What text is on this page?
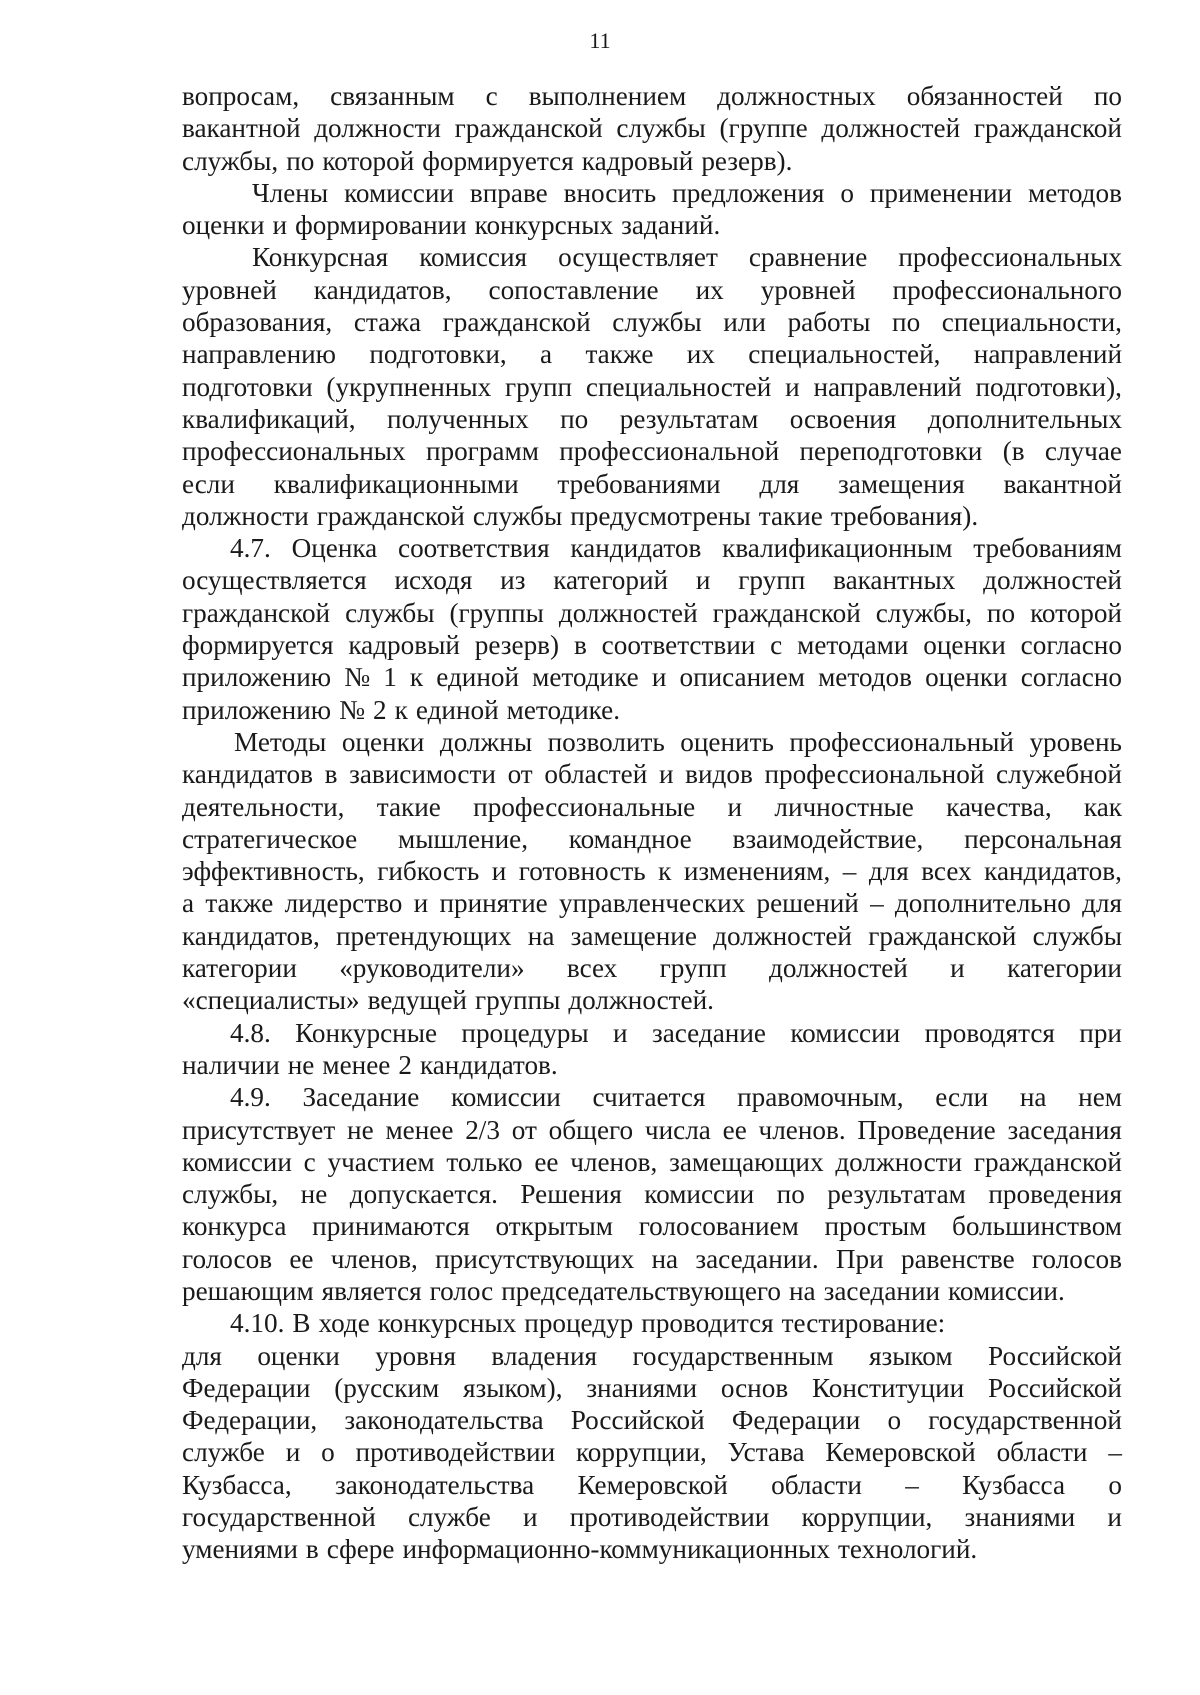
11
вопросам, связанным с выполнением должностных обязанностей по
вакантной должности гражданской службы (группе должностей гражданской
службы, по которой формируется кадровый резерв).
Члены комиссии вправе вносить предложения о применении методов
оценки и формировании конкурсных заданий.
Конкурсная комиссия осуществляет сравнение профессиональных
уровней кандидатов, сопоставление их уровней профессионального
образования, стажа гражданской службы или работы по специальности,
направлению подготовки, а также их специальностей, направлений
подготовки (укрупненных групп специальностей и направлений подготовки),
квалификаций, полученных по результатам освоения дополнительных
профессиональных программ профессиональной переподготовки (в случае
если квалификационными требованиями для замещения вакантной
должности гражданской службы предусмотрены такие требования).
4.7. Оценка соответствия кандидатов квалификационным требованиям
осуществляется исходя из категорий и групп вакантных должностей
гражданской службы (группы должностей гражданской службы, по которой
формируется кадровый резерв) в соответствии с методами оценки согласно
приложению № 1 к единой методике и описанием методов оценки согласно
приложению № 2 к единой методике.
Методы оценки должны позволить оценить профессиональный уровень
кандидатов в зависимости от областей и видов профессиональной служебной
деятельности, такие профессиональные и личностные качества, как
стратегическое мышление, командное взаимодействие, персональная
эффективность, гибкость и готовность к изменениям, – для всех кандидатов,
а также лидерство и принятие управленческих решений – дополнительно для
кандидатов, претендующих на замещение должностей гражданской службы
категории «руководители» всех групп должностей и категории
«специалисты» ведущей группы должностей.
4.8. Конкурсные процедуры и заседание комиссии проводятся при
наличии не менее 2 кандидатов.
4.9. Заседание комиссии считается правомочным, если на нем
присутствует не менее 2/3 от общего числа ее членов. Проведение заседания
комиссии с участием только ее членов, замещающих должности гражданской
службы, не допускается. Решения комиссии по результатам проведения
конкурса принимаются открытым голосованием простым большинством
голосов ее членов, присутствующих на заседании. При равенстве голосов
решающим является голос председательствующего на заседании комиссии.
4.10. В ходе конкурсных процедур проводится тестирование:
для оценки уровня владения государственным языком Российской
Федерации (русским языком), знаниями основ Конституции Российской
Федерации, законодательства Российской Федерации о государственной
службе и о противодействии коррупции, Устава Кемеровской области –
Кузбасса, законодательства Кемеровской области – Кузбасса о
государственной службе и противодействии коррупции, знаниями и
умениями в сфере информационно-коммуникационных технологий.
